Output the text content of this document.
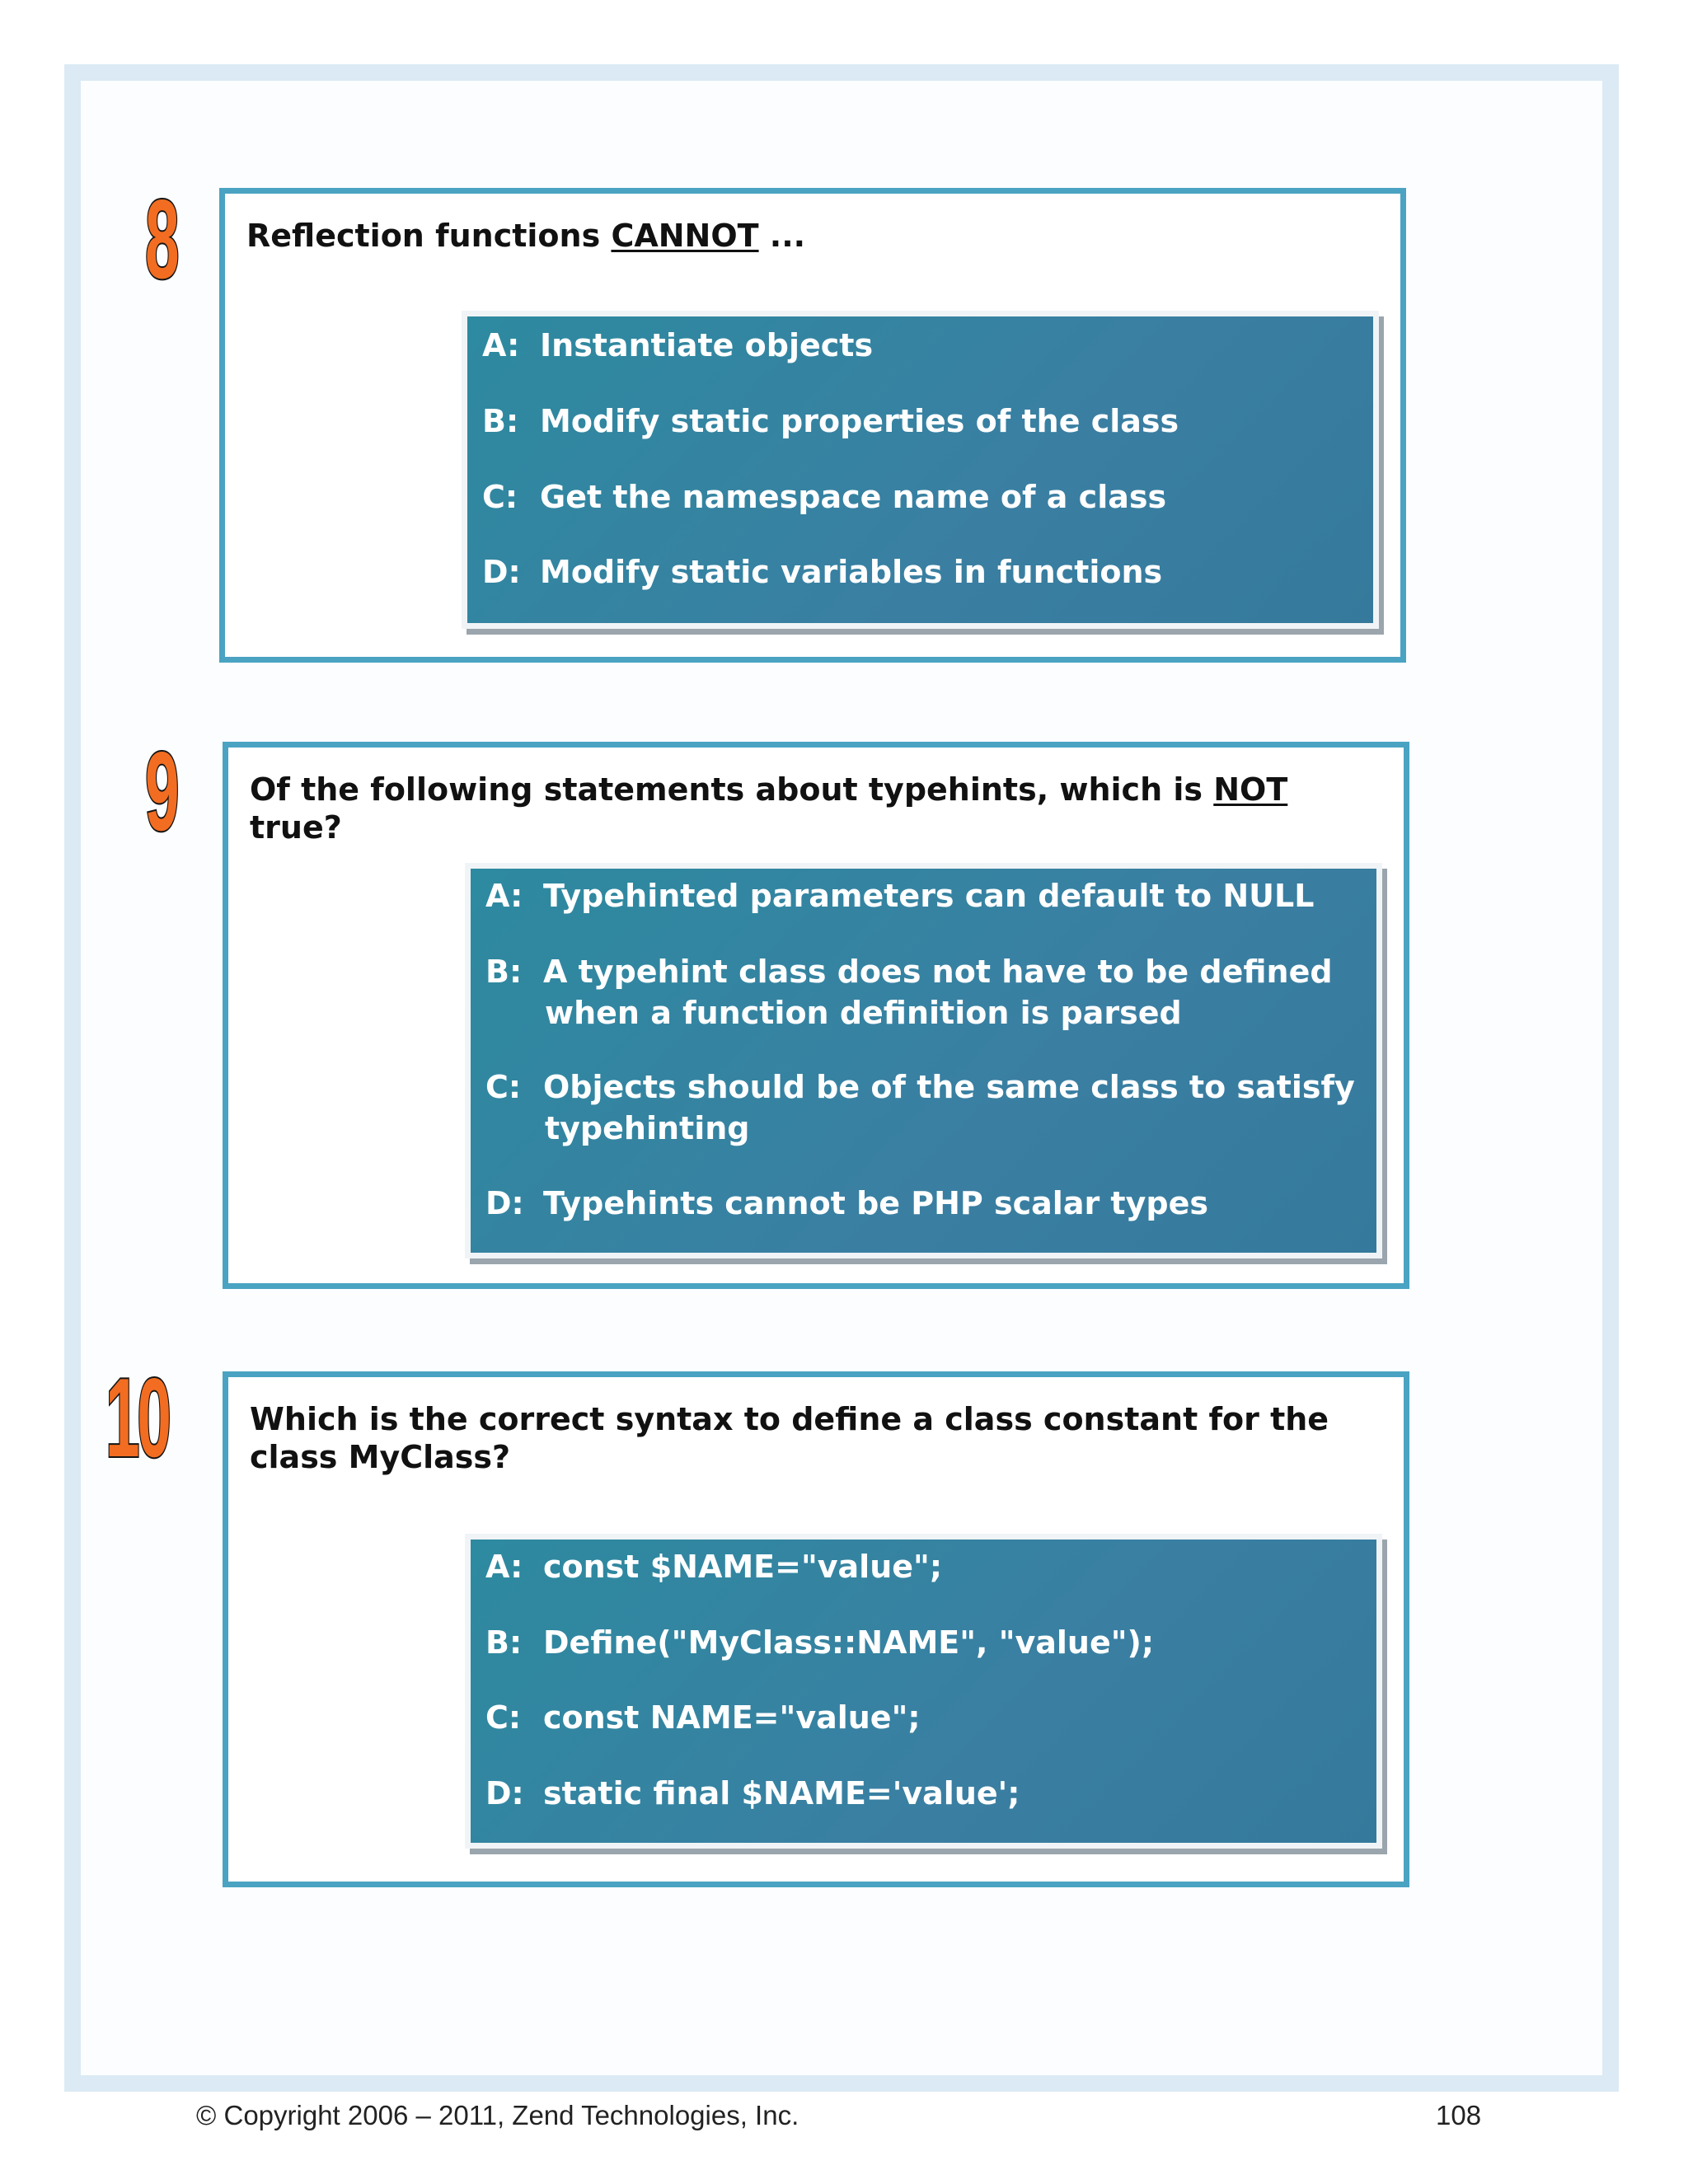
8 Reflection functions CANNOT ...
A: Instantiate objects
B: Modify static properties of the class
C: Get the namespace name of a class
D: Modify static variables in functions
9 Of the following statements about typehints, which is NOT true?
A: Typehinted parameters can default to NULL
B: A typehint class does not have to be defined
when a function definition is parsed
C: Objects should be of the same class to satisfy
typehinting
D: Typehints cannot be PHP scalar types
10	Which is the correct syntax to define a class constant for the class MyClass?
A: const $NAME="value";
B: Define("MyClass::NAME", "value");
C: const NAME="value";
D: static final $NAME='value';
© Copyright 2006 – 2011, Zend Technologies, Inc.	108
